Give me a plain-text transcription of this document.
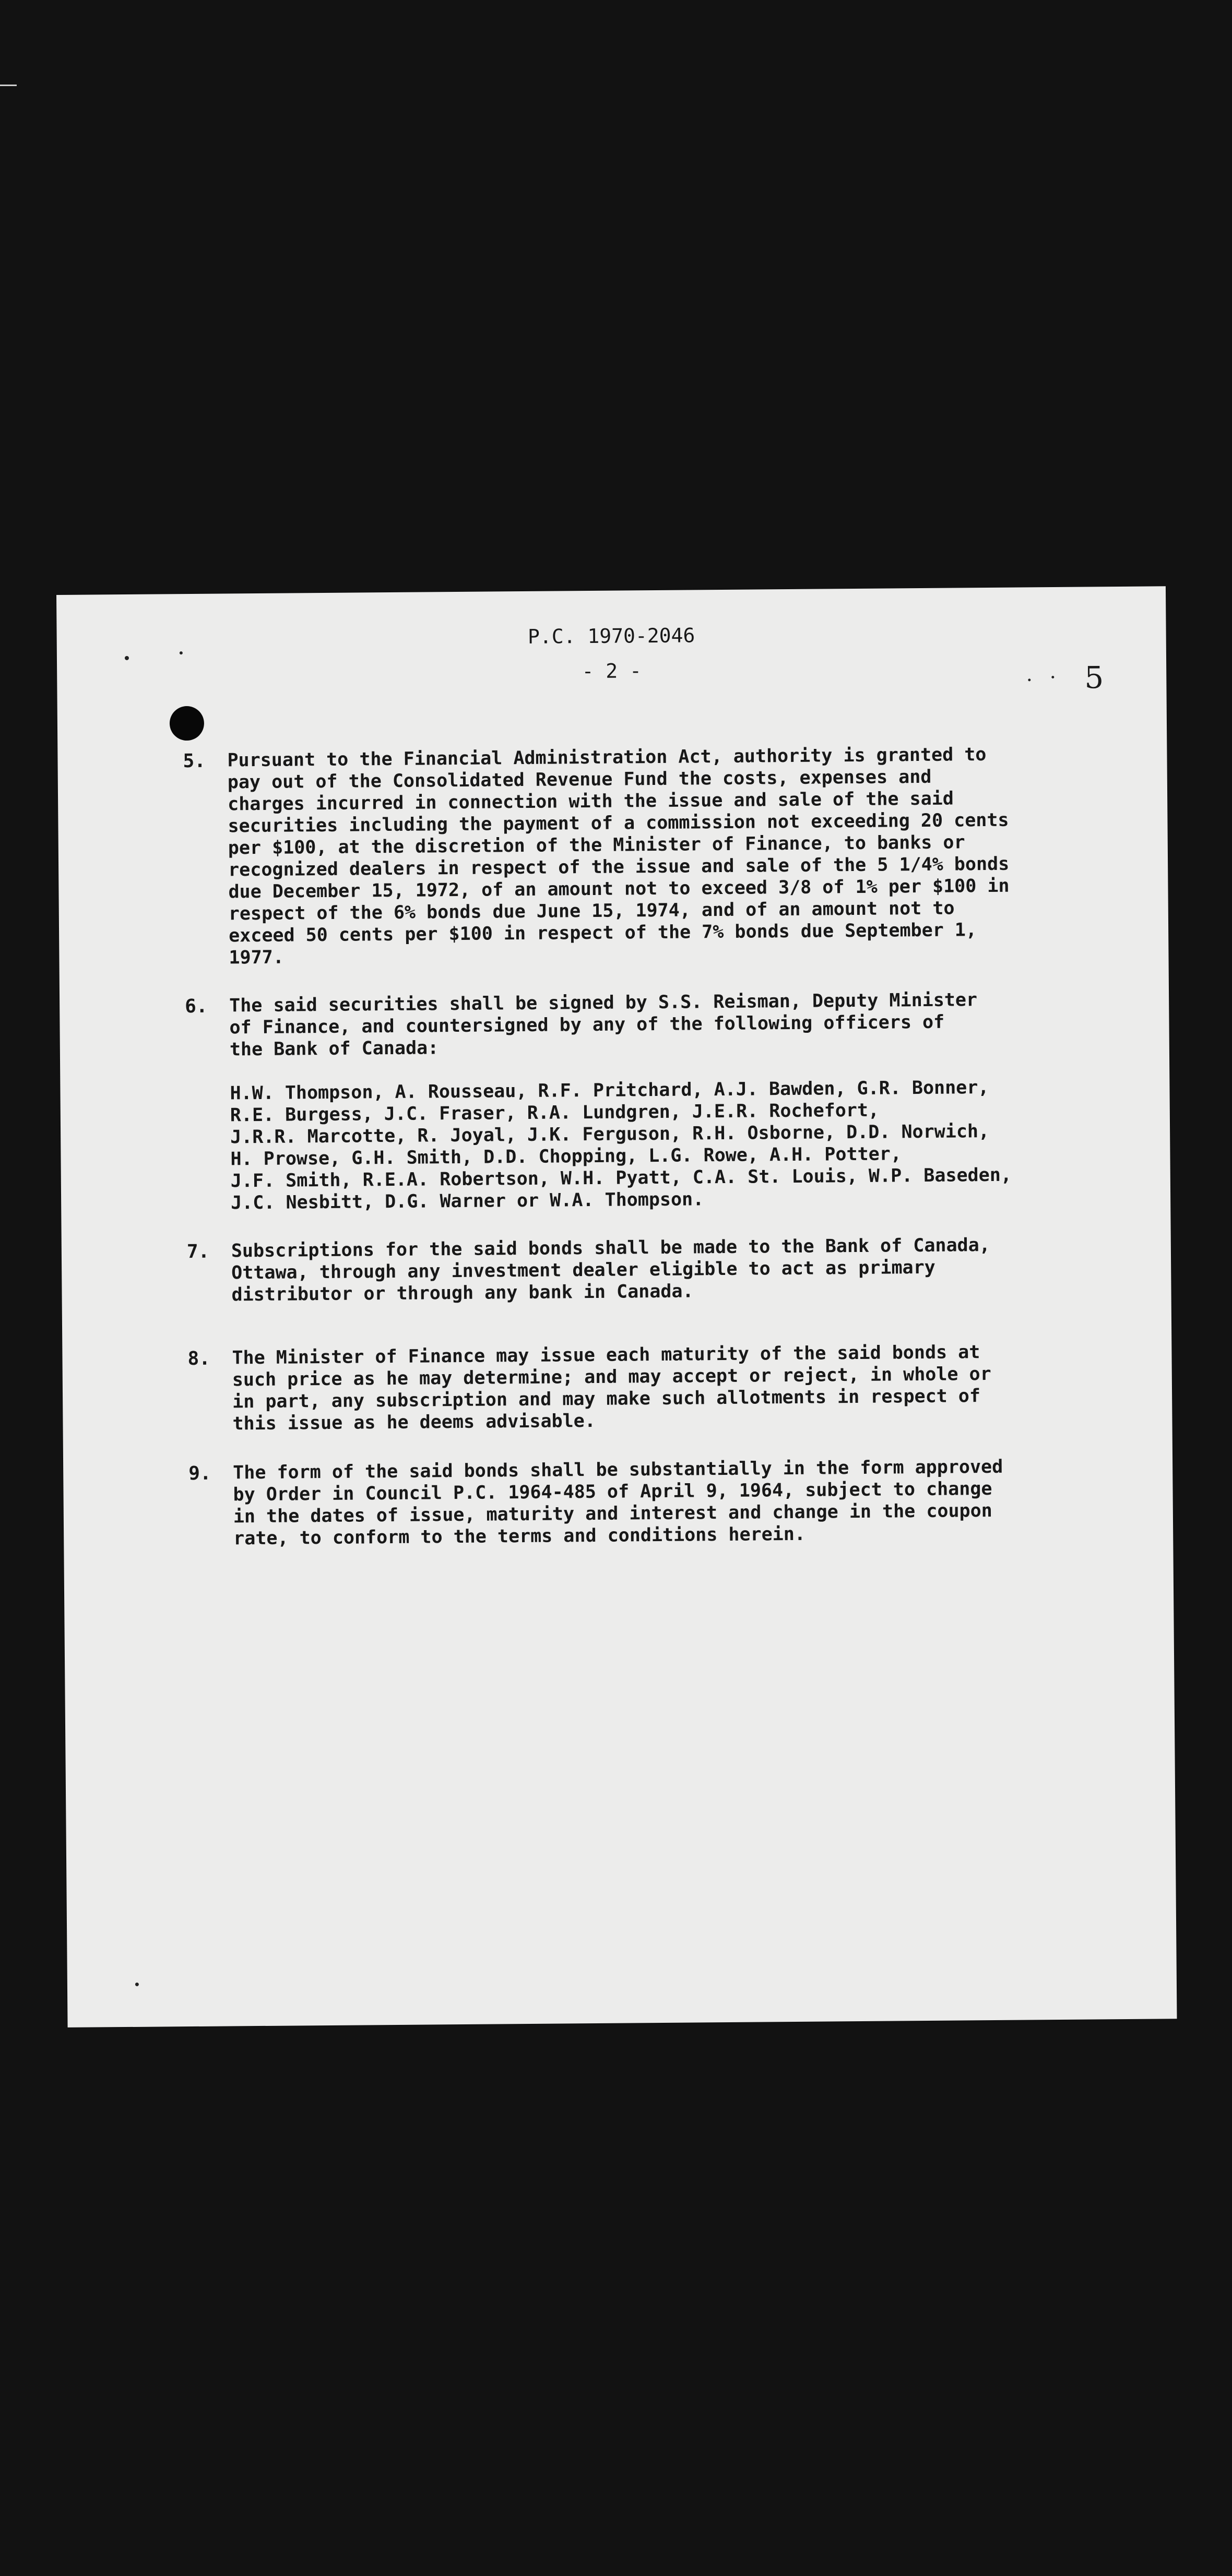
P.C. 1970-2046
- 2 -	5
5. Pursuant to the Financial Administration Act, authority is granted to
pay out of the Consolidated Revenue Fund the costs, expenses and
charges incurred in connection with the issue and sale of the said
securities including the payment of a commission not exceeding 20 cents
per $100, at the discretion of the Minister of Finance, to banks or
recognized dealers in respect of the issue and sale of the 5 1/4% bonds
due December 15, 1972, of an amount not to exceed 3/8 of 1% per $100 in
respect of the 6% bonds due June 15, 1974, and of an amount not to
exceed 50 cents per $100 in respect of the 7% bonds due September 1,
1977.
6. The said securities shall be signed by S.S. Reisman, Deputy Minister
of Finance, and countersigned by any of the following officers of
the Bank of Canada:
H.W. Thompson, A. Rousseau, R.F. Pritchard, A.J. Bawden, G.R. Bonner,
R.E. Burgess, J.C. Fraser, R.A. Lundgren, J.E.R. Rochefort,
J.R.R. Marcotte, R. Joyal, J.K. Ferguson, R.H. Osborne, D.D. Norwich,
H. Prowse, G.H. Smith, D.D. Chopping, L.G. Rowe, A.H. Potter,
J.F. Smith, R.E.A. Robertson, W.H. Pyatt, C.A. St. Louis, W.P. Baseden,
J.C. Nesbitt, D.G. Warner or W.A. Thompson.
7. Subscriptions for the said bonds shall be made to the Bank of Canada,
Ottawa, through any investment dealer eligible to act as primary
distributor or through any bank in Canada.
8. The Minister of Finance may issue each maturity of the said bonds at
such price as he may determine; and may accept or reject, in whole or
in part, any subscription and may make such allotments in respect of
this issue as he deems advisable.
9. The form of the said bonds shall be substantially in the form approved
by Order in Council P.C. 1964-485 of April 9, 1964, subject to change
in the dates of issue, maturity and interest and change in the coupon
rate, to conform to the terms and conditions herein.
